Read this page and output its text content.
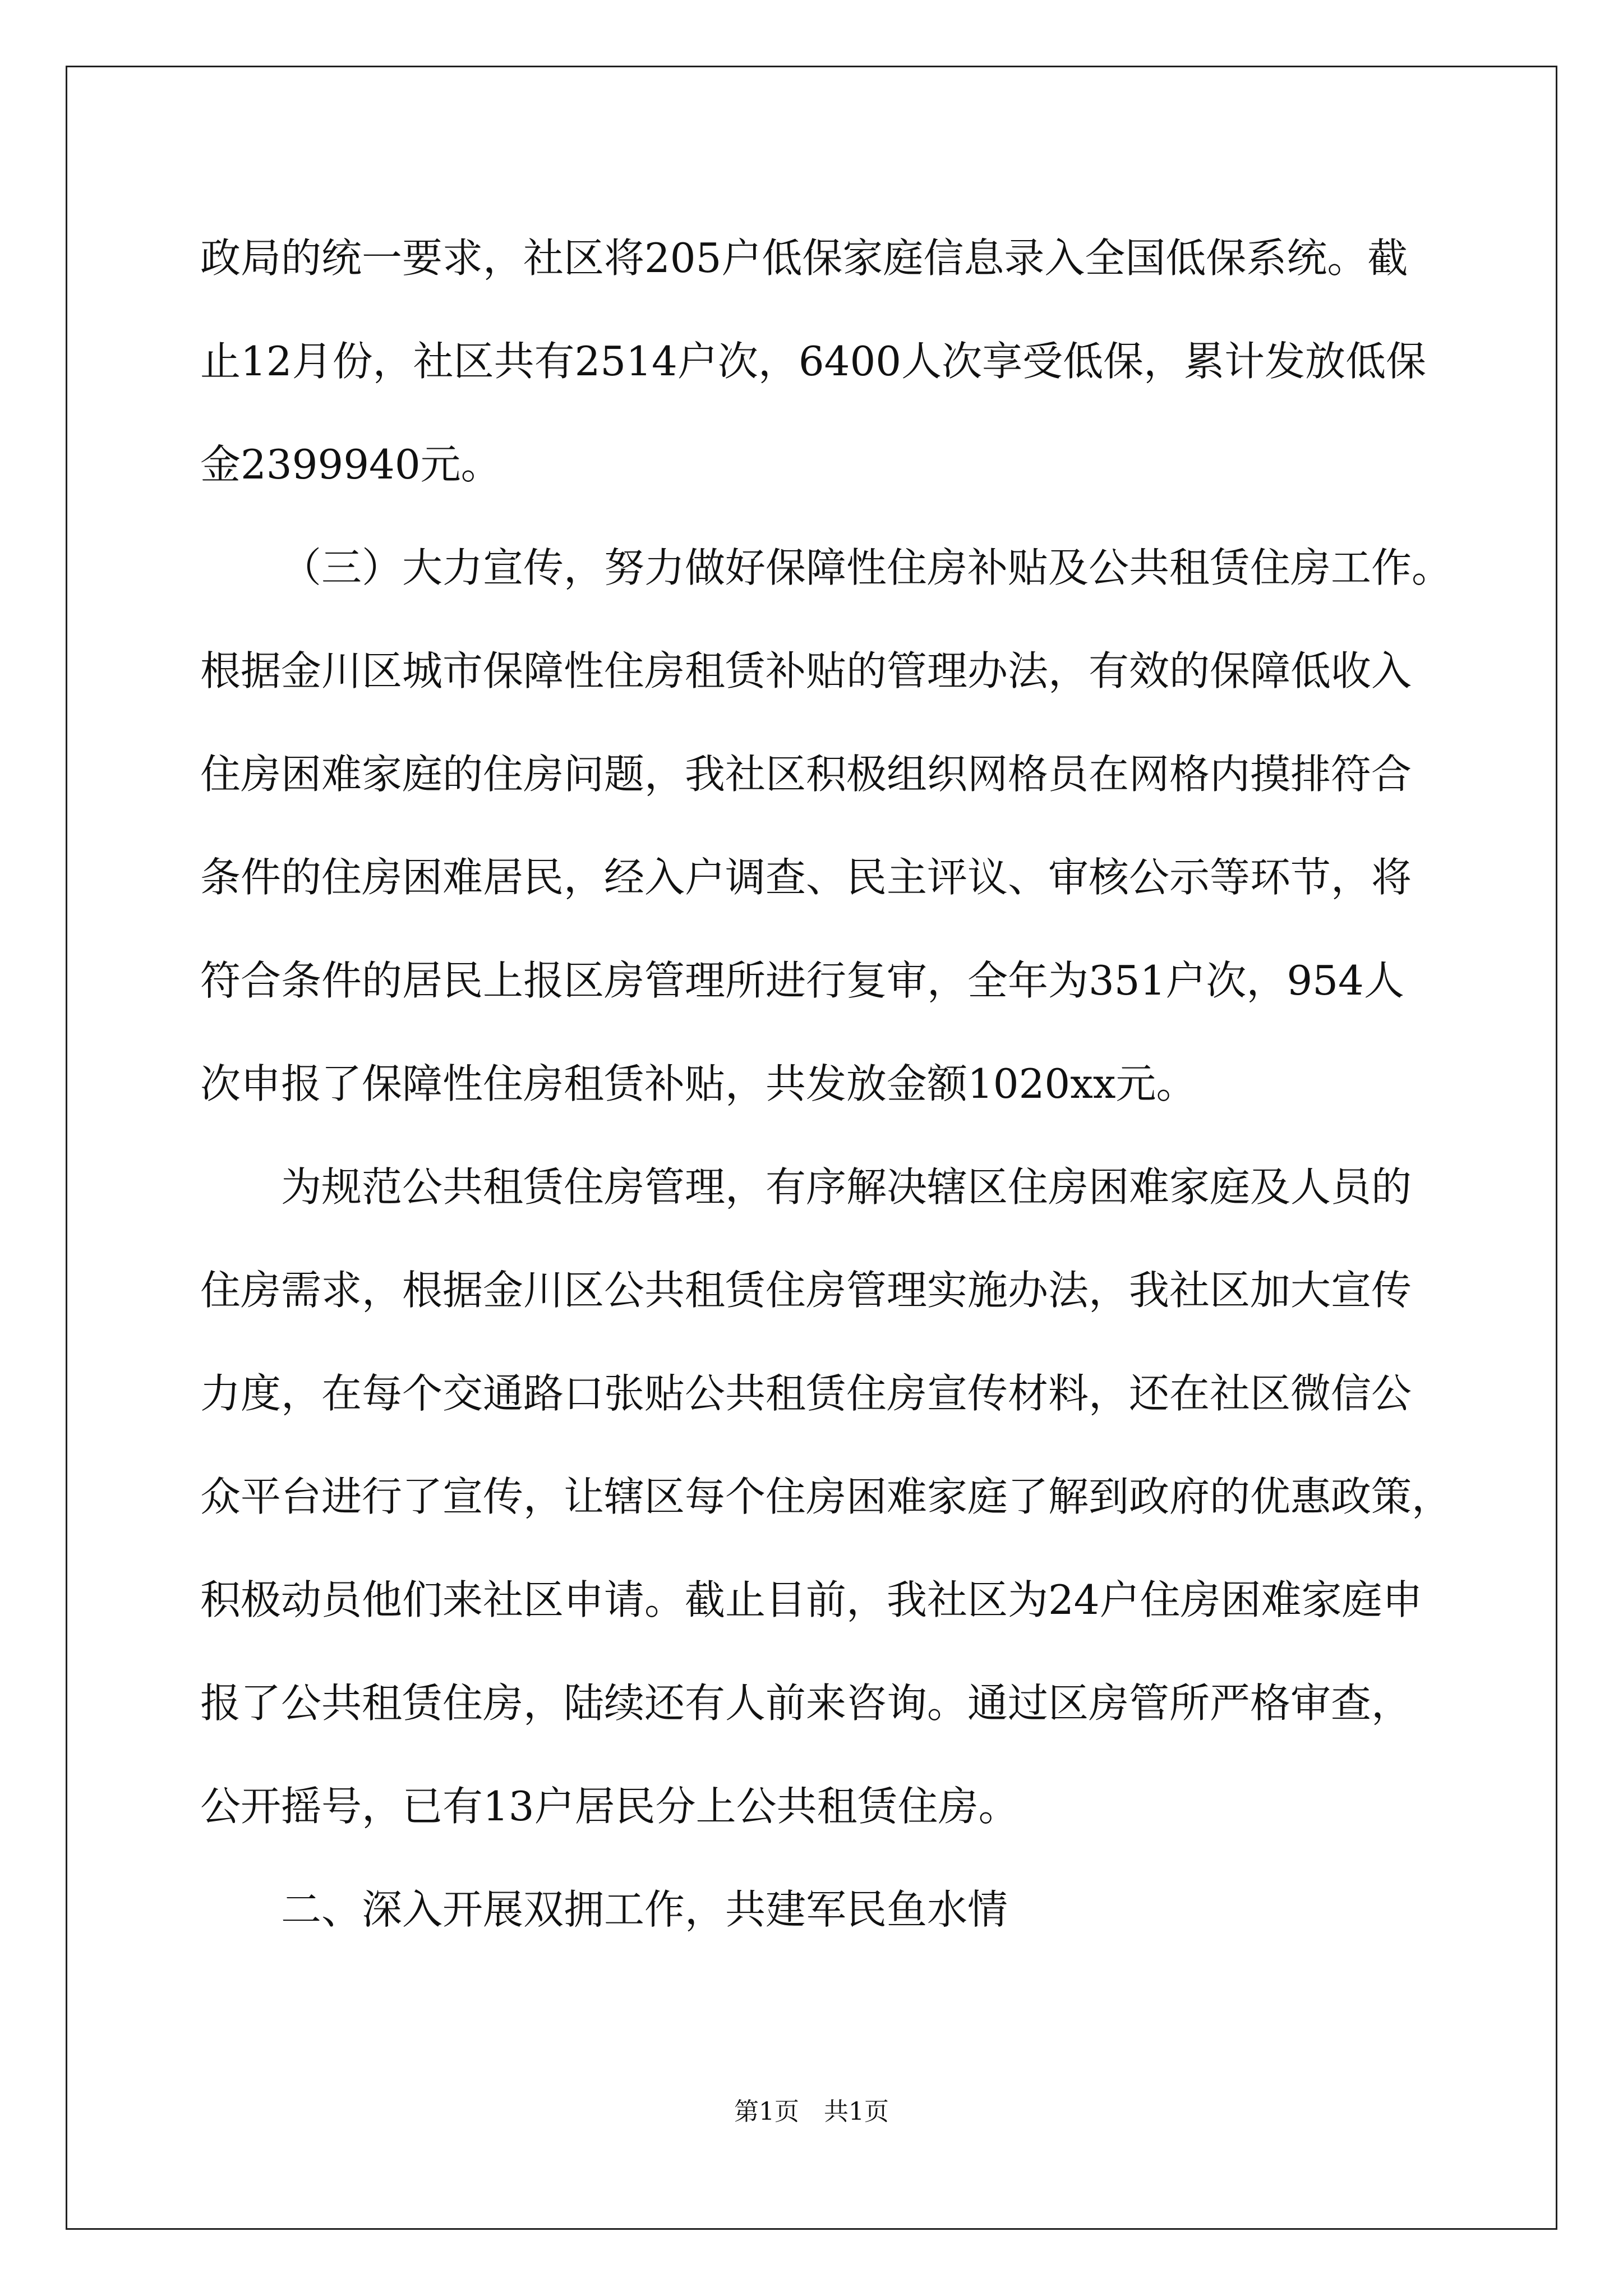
政局的统一要求，社区将205户低保家庭信息录入全国低保系统。截
止12月份，社区共有2514户次，6400人次享受低保，累计发放低保
金2399940元。
（三）大力宣传，努力做好保障性住房补贴及公共租赁住房工作。
根据金川区城市保障性住房租赁补贴的管理办法，有效的保障低收入
住房困难家庭的住房问题，我社区积极组织网格员在网格内摸排符合
条件的住房困难居民，经入户调查、民主评议、审核公示等环节，将
符合条件的居民上报区房管理所进行复审，全年为351户次，954人
次申报了保障性住房租赁补贴，共发放金额1020xx元。
为规范公共租赁住房管理，有序解决辖区住房困难家庭及人员的
住房需求，根据金川区公共租赁住房管理实施办法，我社区加大宣传
力度，在每个交通路口张贴公共租赁住房宣传材料，还在社区微信公
众平台进行了宣传，让辖区每个住房困难家庭了解到政府的优惠政策，
积极动员他们来社区申请。截止目前，我社区为24户住房困难家庭申
报了公共租赁住房，陆续还有人前来咨询。通过区房管所严格审查，
公开摇号，已有13户居民分上公共租赁住房。
二、深入开展双拥工作，共建军民鱼水情
第1页　共1页
